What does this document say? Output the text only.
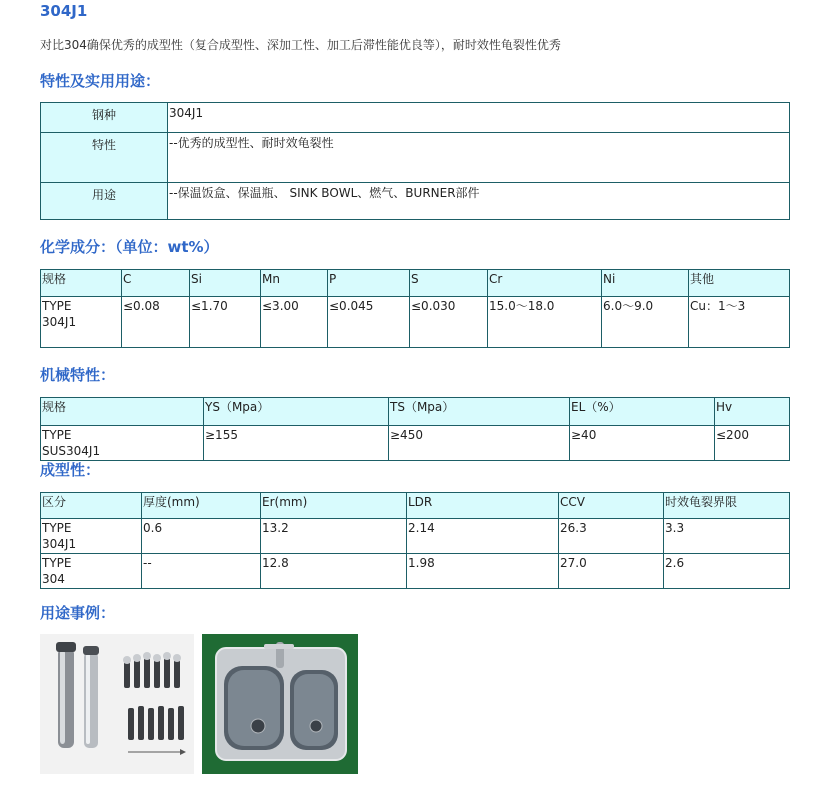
304J1
对比304确保优秀的成型性（复合成型性、深加工性、加工后滞性能优良等），耐时效性龟裂性优秀
特性及实用用途：
钢种	304J1
特性	--优秀的成型性、耐时效龟裂性
用途	--保温饭盒、保温瓶、 SINK BOWL、燃气、BURNER部件
化学成分：（单位：wt%）
规格	C	Si	Mn	P	S	Cr	Ni	其他
TYPE
304J1	≤0.08	≤1.70	≤3.00	≤0.045	≤0.030	15.0～18.0	6.0～9.0	Cu：1～3
机械特性：
规格	YS（Mpa）	TS（Mpa）	EL（%）	Hv
TYPE
SUS304J1	≥155	≥450	≥40	≤200
成型性：
区分	厚度(mm)	Er(mm)	LDR	CCV	时效龟裂界限
TYPE
304J1	0.6	13.2	2.14	26.3	3.3
TYPE
304	--	12.8	1.98	27.0	2.6
用途事例：
